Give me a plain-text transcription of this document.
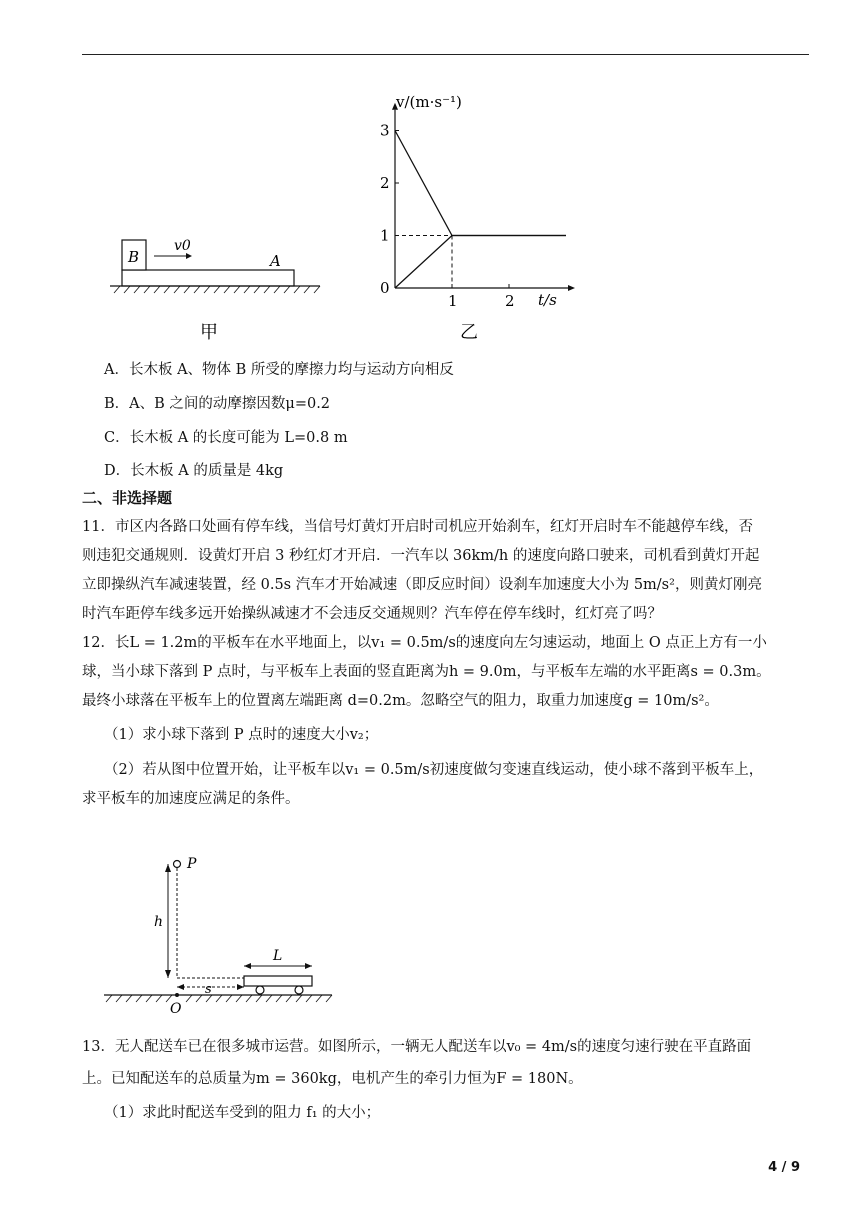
B	A
v0
甲
0
1
2
3
1	2
v/(m·s⁻¹)
t/s
乙
A．长木板 A、物体 B 所受的摩擦力均与运动方向相反
B．A、B 之间的动摩擦因数μ=0.2
C．长木板 A 的长度可能为 L=0.8 m
D．长木板 A 的质量是 4kg
二、非选择题
11．市区内各路口处画有停车线，当信号灯黄灯开启时司机应开始刹车，红灯开启时车不能越停车线，否
则违犯交通规则．设黄灯开启 3 秒红灯才开启．一汽车以 36km/h 的速度向路口驶来，司机看到黄灯开起
立即操纵汽车减速装置，经 0.5s 汽车才开始减速（即反应时间）设刹车加速度大小为 5m/s²，则黄灯刚亮
时汽车距停车线多远开始操纵减速才不会违反交通规则？汽车停在停车线时，红灯亮了吗？
12．长L = 1.2m的平板车在水平地面上，以v₁ = 0.5m/s的速度向左匀速运动，地面上 O 点正上方有一小
球，当小球下落到 P 点时，与平板车上表面的竖直距离为h = 9.0m，与平板车左端的水平距离s = 0.3m。
最终小球落在平板车上的位置离左端距离 d=0.2m。忽略空气的阻力，取重力加速度g = 10m/s²。
（1）求小球下落到 P 点时的速度大小v₂；
（2）若从图中位置开始，让平板车以v₁ = 0.5m/s初速度做匀变速直线运动，使小球不落到平板车上，
求平板车的加速度应满足的条件。
P
h
L
s
O
13．无人配送车已在很多城市运营。如图所示，一辆无人配送车以v₀ = 4m/s的速度匀速行驶在平直路面
上。已知配送车的总质量为m = 360kg，电机产生的牵引力恒为F = 180N。
（1）求此时配送车受到的阻力 f₁ 的大小；
4 / 9
